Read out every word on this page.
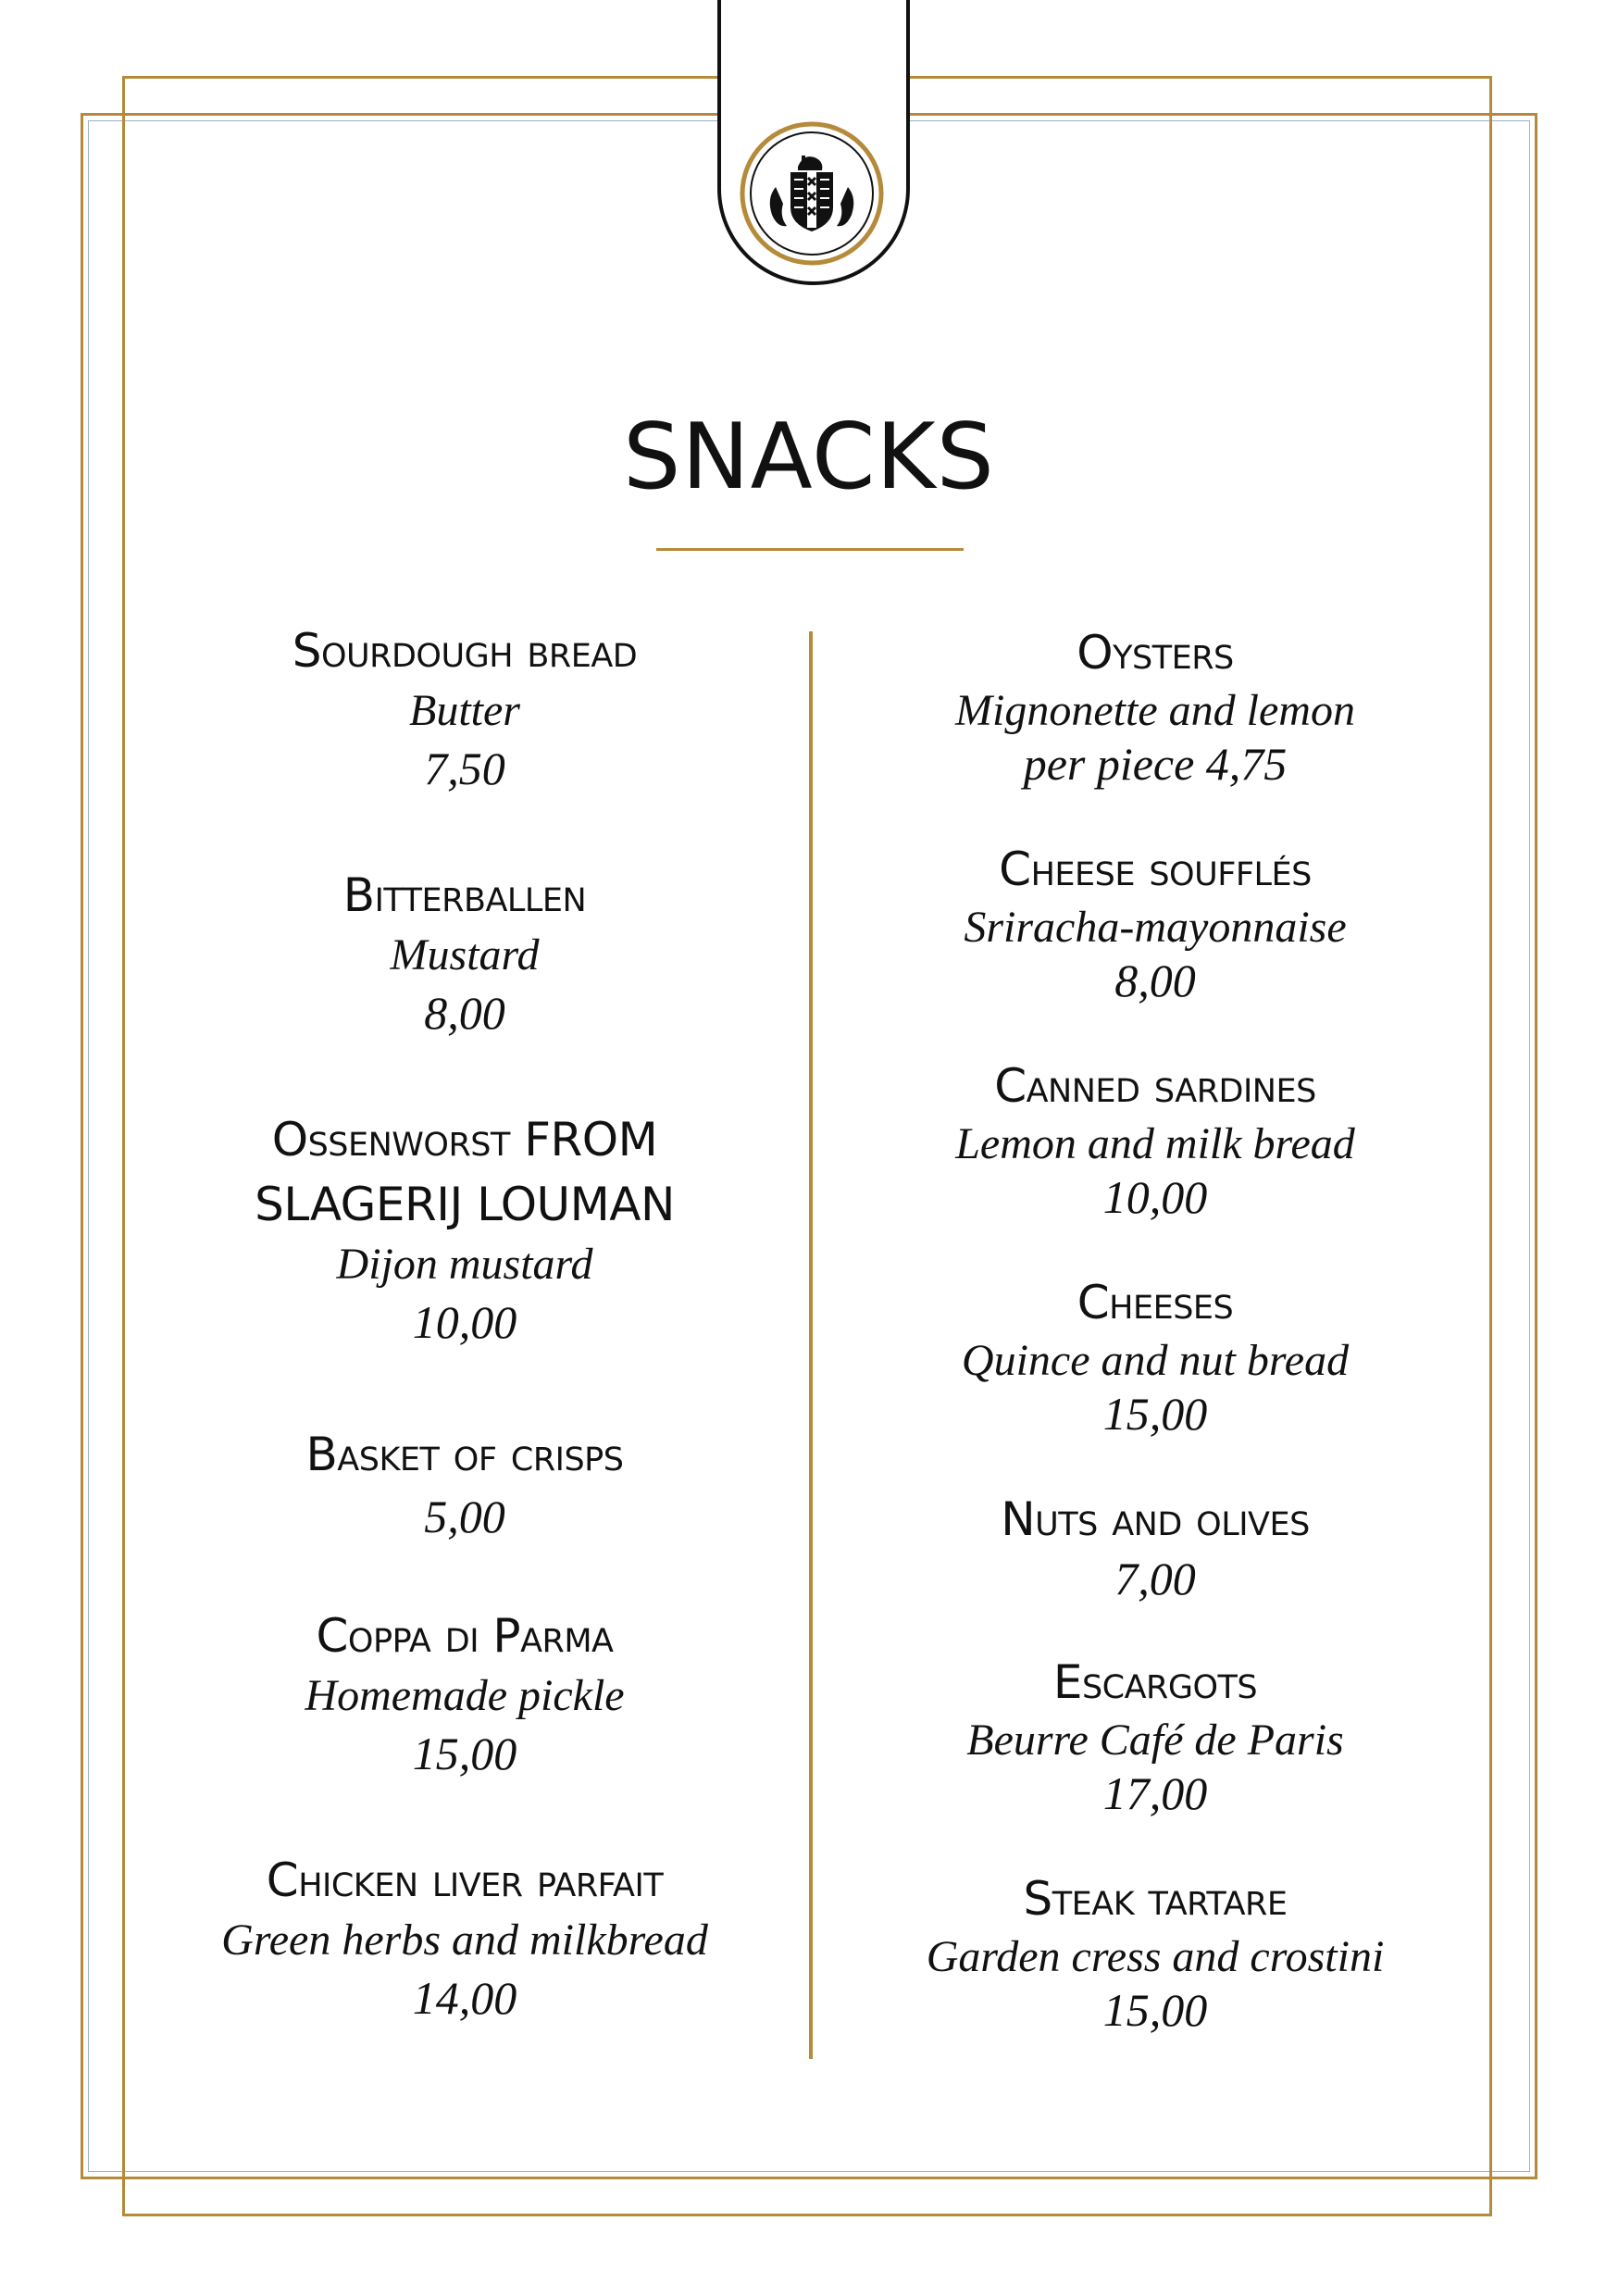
SNACKS
Sourdough bread
Butter
7,50
Bitterballen
Mustard
8,00
Ossenworst FROM
SLAGERIJ LOUMAN
Dijon mustard
10,00
Basket of crisps
5,00
Coppa di Parma
Homemade pickle
15,00
Chicken liver parfait
Green herbs and milkbread
14,00
Oysters
Mignonette and lemon
per piece 4,75
Cheese soufflés
Sriracha-mayonnaise
8,00
Canned sardines
Lemon and milk bread
10,00
Cheeses
Quince and nut bread
15,00
Nuts and olives
7,00
Escargots
Beurre Café de Paris
17,00
Steak tartare
Garden cress and crostini
15,00
